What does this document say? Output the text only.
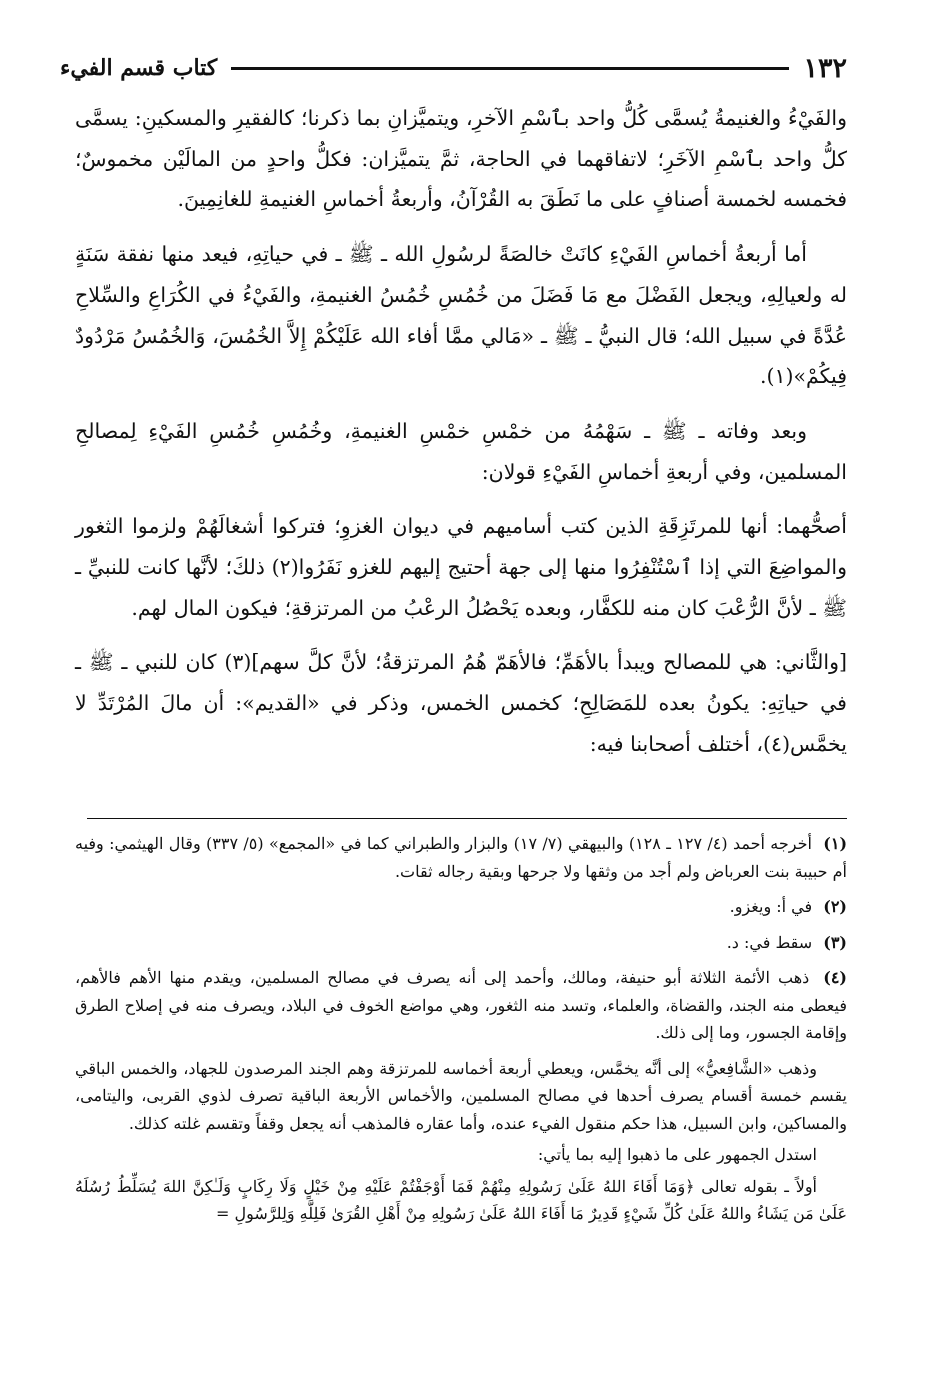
١٣٢
كتاب قسم الفيء

والفَيْءُ والغنيمةُ يُسمَّى كُلُّ واحد بٱسْمِ الآخرِ، ويتميَّزانِ بما ذكرنا؛ كالفقيرِ والمسكينِ: يسمَّى كلُّ واحد بٱسْمِ الآخَرِ؛ لاتفاقهما في الحاجة، ثمَّ يتميَّزان: فكلُّ واحدٍ من المالَيْن مخموسٌ؛ فخمسه لخمسة أصنافٍ على ما نَطَقَ به القُرْآنُ، وأربعةُ أخماسِ الغنيمةِ للغانِمِينَ.

أما أربعةُ أخماسِ الفَيْءِ كانَتْ خالصَةً لرسُولِ الله ـ ﷺ ـ في حياتِهِ، فيعد منها نفقة سَنَةٍ له ولعيالِهِ، ويجعل الفَضْلَ مع مَا فَضَلَ من خُمُسِ خُمُسُ الغنيمةِ، والفَيْءُ في الكُرَاعِ والسِّلاحِ عُدَّةً في سبيل الله؛ قال النبيُّ ـ ﷺ ـ «مَالي ممَّا أفاء الله عَلَيْكُمْ إِلاَّ الخُمُسَ، وَالخُمُسُ مَرْدُودٌ فِيكُمْ»(١).

وبعد وفاته ـ ﷺ ـ سَهْمُهُ من خمْسِ خمْسِ الغنيمةِ، وخُمُسِ خُمُسِ الفَيْءِ لِمصالحِ المسلمين، وفي أربعةِ أخماسِ الفَيْءِ قولان:

أصحُّهما: أنها للمرتَزِقَةِ الذين كتب أساميهم في ديوان الغزوِ؛ فتركوا أشغالَهُمْ ولزموا الثغور والمواضِعَ التي إذا ٱسْتُنْفِرُوا منها إلى جهة أحتيج إليهم للغزو نَفَرُوا(٢) ذلكَ؛ لأنَّها كانت للنبيِّ ـ ﷺ ـ لأنَّ الرُّعْبَ كان منه للكفَّار، وبعده يَحْصُلُ الرعْبُ من المرتزقةِ؛ فيكون المال لهم.

[والثَّاني: هي للمصالح ويبدأ بالأهَمِّ؛ فالأهَمّ هُمُ المرتزقةُ؛ لأنَّ كلَّ سهم](٣) كان للنبي ـ ﷺ ـ في حياتِهِ: يكونُ بعده للمَصَالِحِ؛ كخمس الخمس، وذكر في «القديم»: أن مالَ المُرْتَدِّ لا يخمَّس(٤)، أختلف أصحابنا فيه:

(١) أخرجه أحمد (٤/ ١٢٧ ـ ١٢٨) والبيهقي (٧/ ١٧) والبزار والطبراني كما في «المجمع» (٥/ ٣٣٧) وقال الهيثمي: وفيه أم حبيبة بنت العرباض ولم أجد من وثقها ولا جرحها وبقية رجاله ثقات.

(٢) في أ: ويغزو.

(٣) سقط في: د.

(٤) ذهب الأئمة الثلاثة أبو حنيفة، ومالك، وأحمد إلى أنه يصرف في مصالح المسلمين، ويقدم منها الأهم فالأهم، فيعطى منه الجند، والقضاة، والعلماء، وتسد منه الثغور، وهي مواضع الخوف في البلاد، ويصرف منه في إصلاح الطرق وإقامة الجسور، وما إلى ذلك.

وذهب «الشَّافِعيُّ» إلى أنَّه يخمَّس، ويعطي أربعة أخماسه للمرتزقة وهم الجند المرصدون للجهاد، والخمس الباقي يقسم خمسة أقسام يصرف أحدها في مصالح المسلمين، والأخماس الأربعة الباقية تصرف لذوي القربى، واليتامى، والمساكين، وابن السبيل، هذا حكم منقول الفيء عنده، وأما عقاره فالمذهب أنه يجعل وقفاً وتقسم غلته كذلك.

استدل الجمهور على ما ذهبوا إليه بما يأتي:

أولاً ـ بقوله تعالى ﴿وَمَا أَفَاءَ اللهُ عَلَىٰ رَسُولِهِ مِنْهُمْ فَمَا أَوْجَفْتُمْ عَلَيْهِ مِنْ خَيْلٍ وَلَا رِكَابٍ وَلَـٰكِنَّ اللهَ يُسَلِّطُ رُسُلَهُ عَلَىٰ مَن يَشَاءُ واللهُ عَلَىٰ كُلِّ شَيْءٍ قَدِيرٌ مَا أَفَاءَ اللهُ عَلَىٰ رَسُولِهِ مِنْ أَهْلِ القُرَىٰ فَلِلَّهِ وَلِلرَّسُولِ =
